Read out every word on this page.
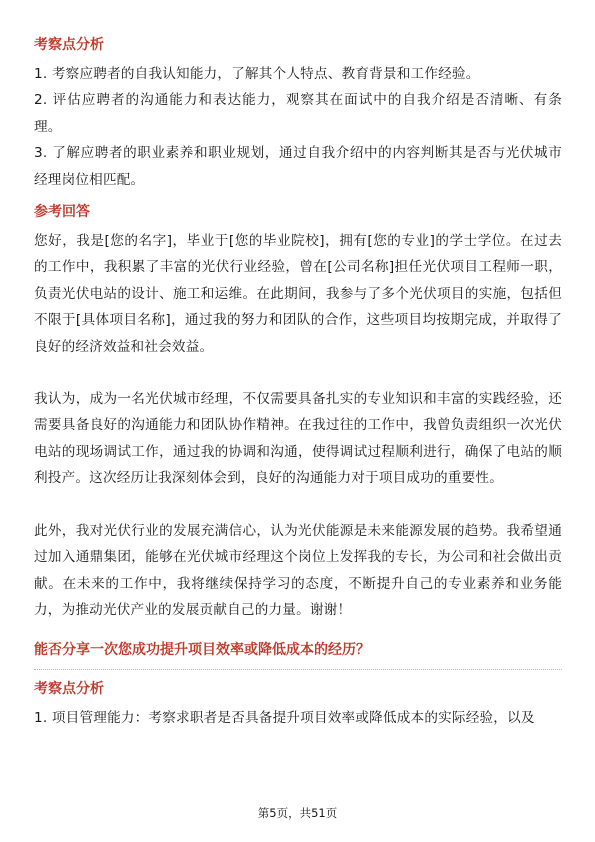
考察点分析

1. 考察应聘者的自我认知能力，了解其个人特点、教育背景和工作经验。

2. 评估应聘者的沟通能力和表达能力，观察其在面试中的自我介绍是否清晰、有条理。

3. 了解应聘者的职业素养和职业规划，通过自我介绍中的内容判断其是否与光伏城市经理岗位相匹配。

参考回答

您好，我是[您的名字]，毕业于[您的毕业院校]，拥有[您的专业]的学士学位。在过去的工作中，我积累了丰富的光伏行业经验，曾在[公司名称]担任光伏项目工程师一职，负责光伏电站的设计、施工和运维。在此期间，我参与了多个光伏项目的实施，包括但不限于[具体项目名称]，通过我的努力和团队的合作，这些项目均按期完成，并取得了良好的经济效益和社会效益。

我认为，成为一名光伏城市经理，不仅需要具备扎实的专业知识和丰富的实践经验，还需要具备良好的沟通能力和团队协作精神。在我过往的工作中，我曾负责组织一次光伏电站的现场调试工作，通过我的协调和沟通，使得调试过程顺利进行，确保了电站的顺利投产。这次经历让我深刻体会到，良好的沟通能力对于项目成功的重要性。

此外，我对光伏行业的发展充满信心，认为光伏能源是未来能源发展的趋势。我希望通过加入通鼎集团，能够在光伏城市经理这个岗位上发挥我的专长，为公司和社会做出贡献。在未来的工作中，我将继续保持学习的态度，不断提升自己的专业素养和业务能力，为推动光伏产业的发展贡献自己的力量。谢谢！

能否分享一次您成功提升项目效率或降低成本的经历？
考察点分析

1. 项目管理能力：考察求职者是否具备提升项目效率或降低成本的实际经验，以及

第5页，共51页
